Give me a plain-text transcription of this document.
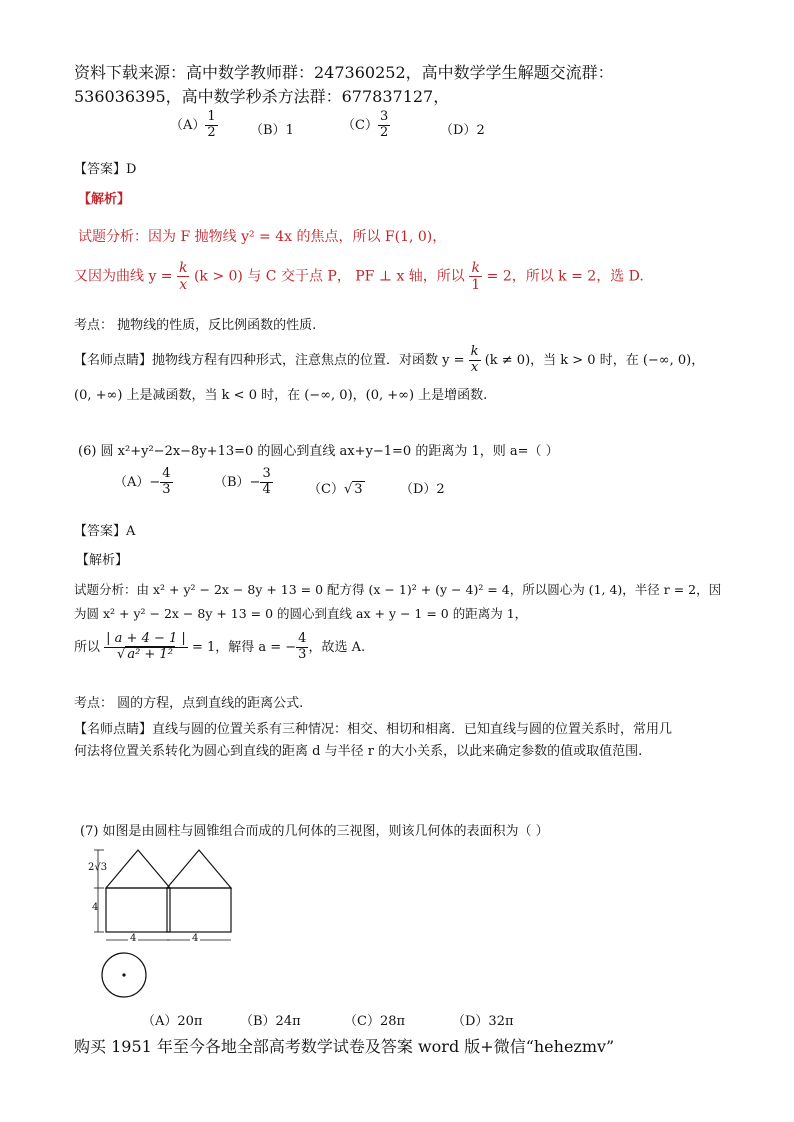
资料下载来源：高中数学教师群：247360252，高中数学学生解题交流群：
536036395，高中数学秒杀方法群：677837127，
$(A) \frac{1}{2} (B)1$	$(C) \frac{3}{2}$	（D）2
【答案】D
【解析】
试题分析：因为 F 抛物线 y² = 4x 的焦点，所以 F(1, 0)，
又因为曲线 $y = \frac{k}{x} (k > 0)$ 与 C 交于点 P， PF ⊥ x 轴，所以 $\frac{k}{1} = 2$，所以 k = 2，选 D.
考点： 抛物线的性质，反比例函数的性质.
【名师点睛】抛物线方程有四种形式，注意焦点的位置．对函数 $y = \frac{k}{x} (k \ne 0)$，当 k > 0 时，在 (−∞, 0)，
(0, +∞) 上是减函数，当 k < 0 时，在 (−∞, 0)，(0, +∞) 上是增函数.
(6) 圆 x²+y²−2x−8y+13=0 的圆心到直线 ax+y−1=0 的距离为 1，则 a=（ ）
$(A)- \frac{4}{3}$	$(B)- \frac{3}{4}$	（C）√ 3	（D）2
【答案】A
【解析】
试题分析：由 x² + y² − 2x − 8y + 13 = 0 配方得 (x − 1)² + (y − 4)² = 4，所以圆心为 (1, 4)，半径 r = 2，因
为圆 x² + y² − 2x − 8y + 13 = 0 的圆心到直线 ax + y − 1 = 0 的距离为 1，
所以 $\frac{| a + 4 - 1 |}{\text{√ a² + 1²}} = 1$，解得 a = − $\frac{4}{3}$ ，故选 A.
考点： 圆的方程，点到直线的距离公式.
【名师点睛】直线与圆的位置关系有三种情况：相交、相切和相离．已知直线与圆的位置关系时，常用几
何法将位置关系转化为圆心到直线的距离 d 与半径 r 的大小关系，以此来确定参数的值或取值范围.
(7) 如图是由圆柱与圆锥组合而成的几何体的三视图，则该几何体的表面积为（ ）
2√3
4
4	4
（A）20π	（B）24π	（C）28π	（D）32π
购买 1951 年至今各地全部高考数学试卷及答案 word 版+微信“hehezmv”
